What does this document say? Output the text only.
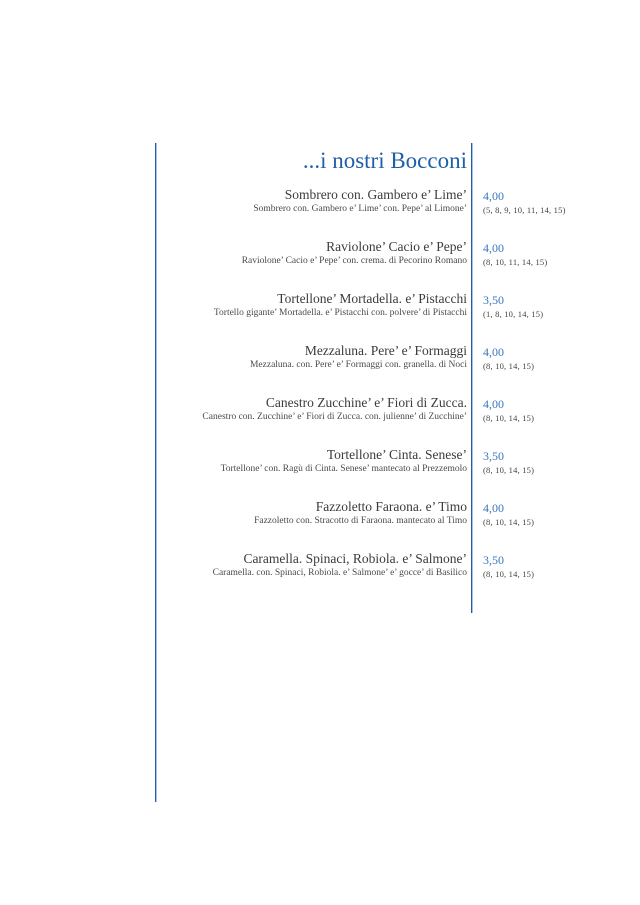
...i nostri Bocconi
Sombrero con. Gambero e’ Lime’
Sombrero con. Gambero e’ Lime’ con. Pepe’ al Limone’
4,00
(5, 8, 9, 10, 11, 14, 15)
Raviolone’ Cacio e’ Pepe’
Raviolone’ Cacio e’ Pepe’ con. crema. di Pecorino Romano
4,00
(8, 10, 11, 14, 15)
Tortellone’ Mortadella. e’ Pistacchi
Tortello gigante’ Mortadella. e’ Pistacchi con. polvere’ di Pistacchi
3,50
(1, 8, 10, 14, 15)
Mezzaluna. Pere’ e’ Formaggi
Mezzaluna. con. Pere’ e’ Formaggi con. granella. di Noci
4,00
(8, 10, 14, 15)
Canestro Zucchine’ e’ Fiori di Zucca.
Canestro con. Zucchine’ e’ Fiori di Zucca. con. julienne’ di Zucchine’
4,00
(8, 10, 14, 15)
Tortellone’ Cinta. Senese’
Tortellone’ con. Ragù di Cinta. Senese’ mantecato al Prezzemolo
3,50
(8, 10, 14, 15)
Fazzoletto Faraona. e’ Timo
Fazzoletto con. Stracotto di Faraona. mantecato al Timo
4,00
(8, 10, 14, 15)
Caramella. Spinaci, Robiola. e’ Salmone’
Caramella. con. Spinaci, Robiola. e’ Salmone’ e’ gocce’ di Basilico
3,50
(8, 10, 14, 15)
